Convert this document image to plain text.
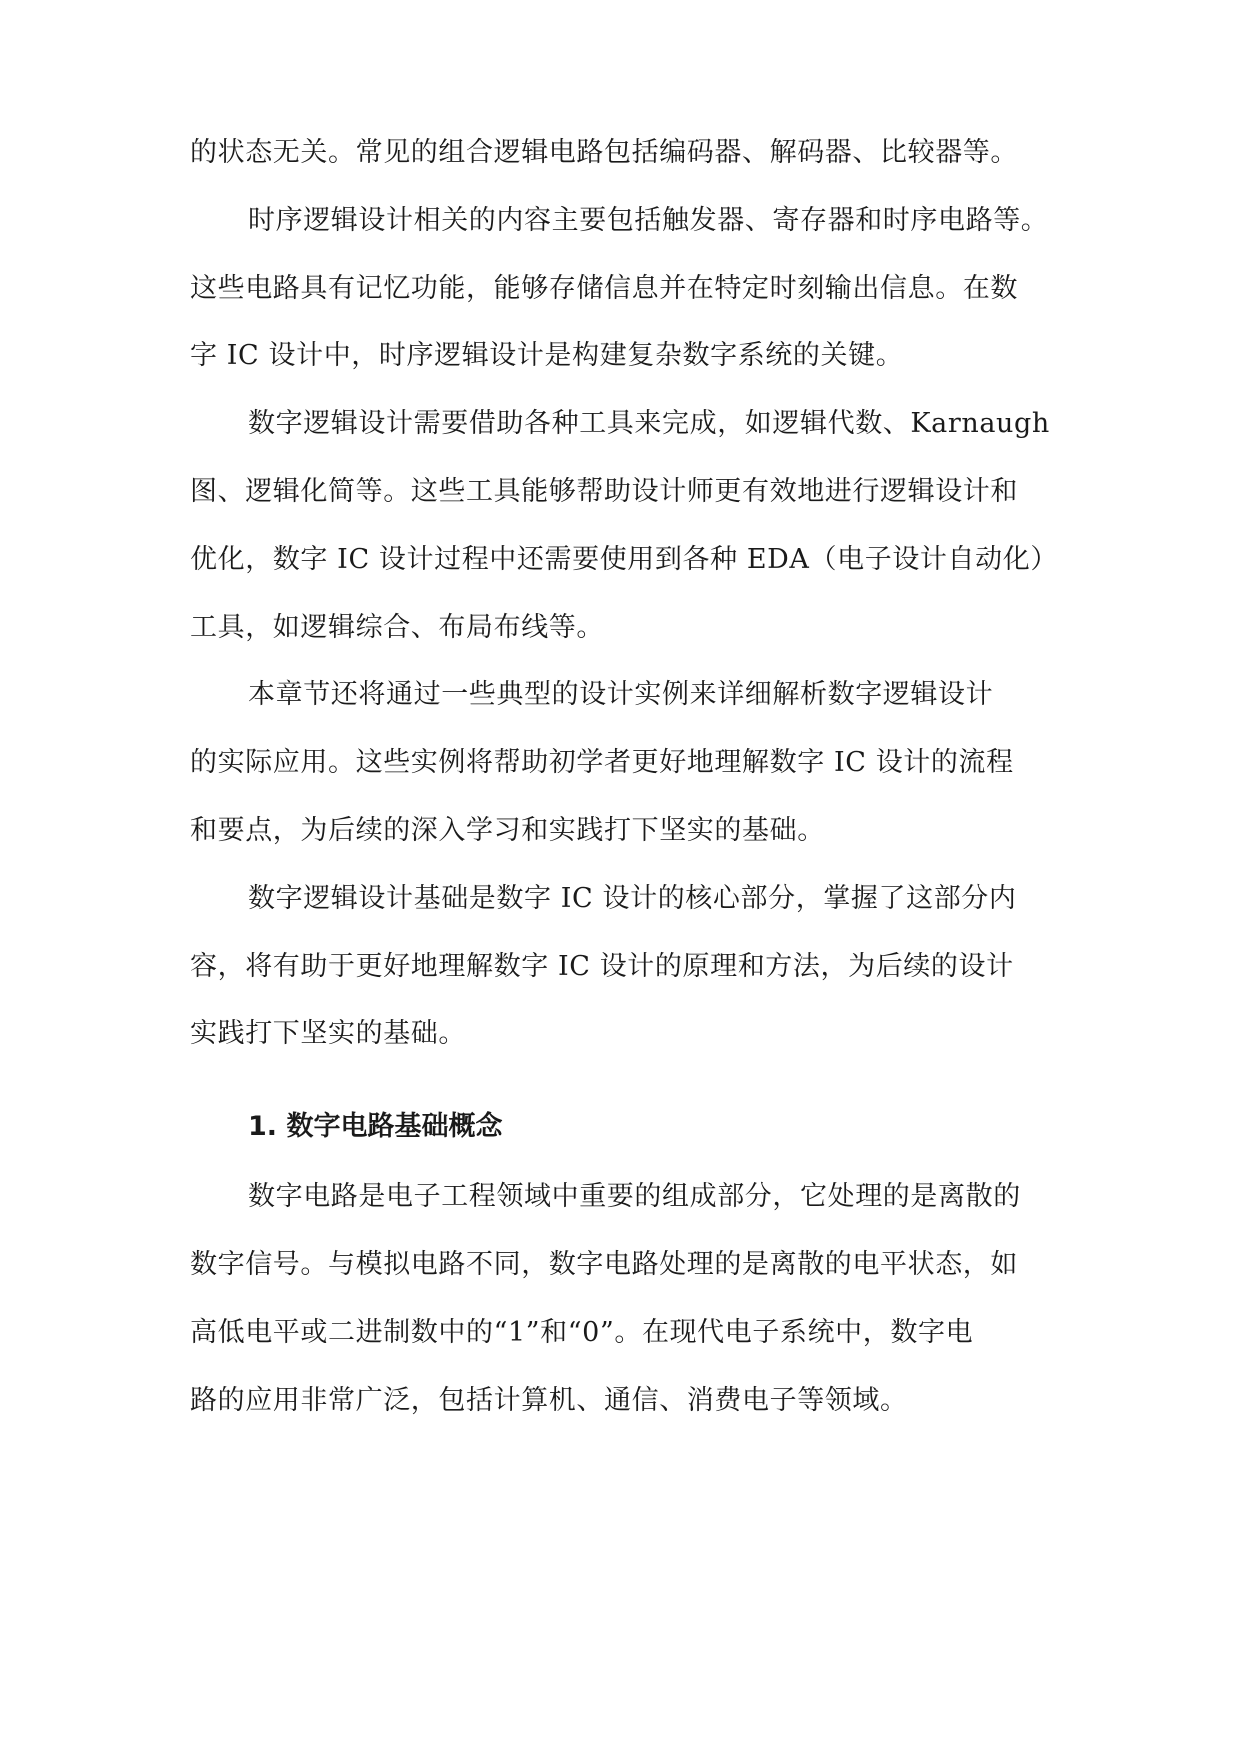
的状态无关。常见的组合逻辑电路包括编码器、解码器、比较器等。
时序逻辑设计相关的内容主要包括触发器、寄存器和时序电路等。
这些电路具有记忆功能，能够存储信息并在特定时刻输出信息。在数
字 IC 设计中，时序逻辑设计是构建复杂数字系统的关键。
数字逻辑设计需要借助各种工具来完成，如逻辑代数、Karnaugh
图、逻辑化简等。这些工具能够帮助设计师更有效地进行逻辑设计和
优化，数字 IC 设计过程中还需要使用到各种 EDA（电子设计自动化）
工具，如逻辑综合、布局布线等。
本章节还将通过一些典型的设计实例来详细解析数字逻辑设计
的实际应用。这些实例将帮助初学者更好地理解数字 IC 设计的流程
和要点，为后续的深入学习和实践打下坚实的基础。
数字逻辑设计基础是数字 IC 设计的核心部分，掌握了这部分内
容，将有助于更好地理解数字 IC 设计的原理和方法，为后续的设计
实践打下坚实的基础。
1. 数字电路基础概念
数字电路是电子工程领域中重要的组成部分，它处理的是离散的
数字信号。与模拟电路不同，数字电路处理的是离散的电平状态，如
高低电平或二进制数中的“1”和“0”。在现代电子系统中，数字电
路的应用非常广泛，包括计算机、通信、消费电子等领域。
